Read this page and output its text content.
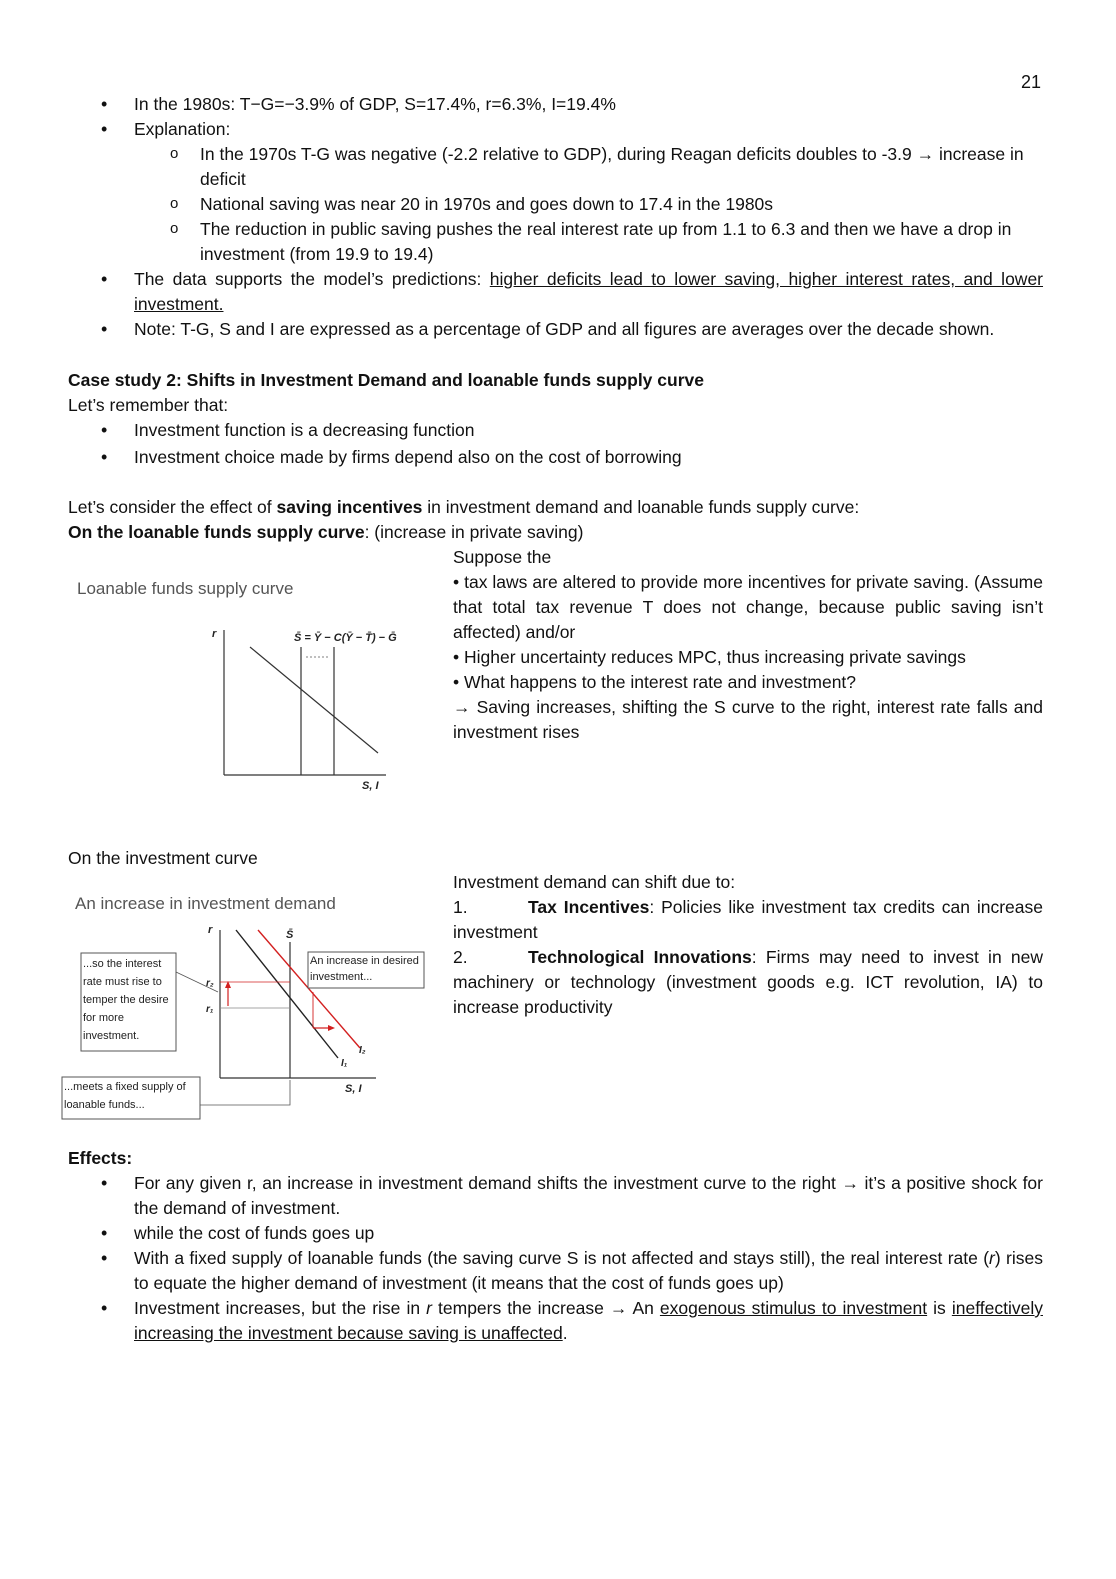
21
• In the 1980s: T−G=−3.9% of GDP, S=17.4%, r=6.3%, I=19.4%
• Explanation:
o In the 1970s T-G was negative (-2.2 relative to GDP), during Reagan deficits doubles to -3.9 → increase in deficit
o National saving was near 20 in 1970s and goes down to 17.4 in the 1980s
o The reduction in public saving pushes the real interest rate up from 1.1 to 6.3 and then we have a drop in investment (from 19.9 to 19.4)
• The data supports the model’s predictions: higher deficits lead to lower saving, higher interest rates, and lower investment.
• Note: T-G, S and I are expressed as a percentage of GDP and all figures are averages over the decade shown.
Case study 2: Shifts in Investment Demand and loanable funds supply curve
Let’s remember that:
• Investment function is a decreasing function
• Investment choice made by firms depend also on the cost of borrowing
Let’s consider the effect of saving incentives in investment demand and loanable funds supply curve:
On the loanable funds supply curve: (increase in private saving)
Loanable funds supply curve
r	S̄ = Ȳ − C(Ȳ − T̄) − Ḡ
S, I
Suppose the
• tax laws are altered to provide more incentives for private saving. (Assume that total tax revenue T does not change, because public saving isn’t affected) and/or
• Higher uncertainty reduces MPC, thus increasing private savings
• What happens to the interest rate and investment?
→ Saving increases, shifting the S curve to the right, interest rate falls and investment rises
On the investment curve
An increase in investment demand
r	S̄
r₂
r₁
I₂
I₁
S, I
...so the interest rate must rise to temper the desire for more investment.
An increase in desired investment...
...meets a fixed supply of loanable funds...
Investment demand can shift due to:
1.	Tax Incentives: Policies like investment tax credits can increase investment
2.	Technological Innovations: Firms may need to invest in new machinery or technology (investment goods e.g. ICT revolution, IA) to increase productivity
Effects:
• For any given r, an increase in investment demand shifts the investment curve to the right → it’s a positive shock for the demand of investment.
• while the cost of funds goes up
• With a fixed supply of loanable funds (the saving curve S is not affected and stays still), the real interest rate (r) rises to equate the higher demand of investment (it means that the cost of funds goes up)
• Investment increases, but the rise in r tempers the increase → An exogenous stimulus to investment is ineffectively increasing the investment because saving is unaffected.
